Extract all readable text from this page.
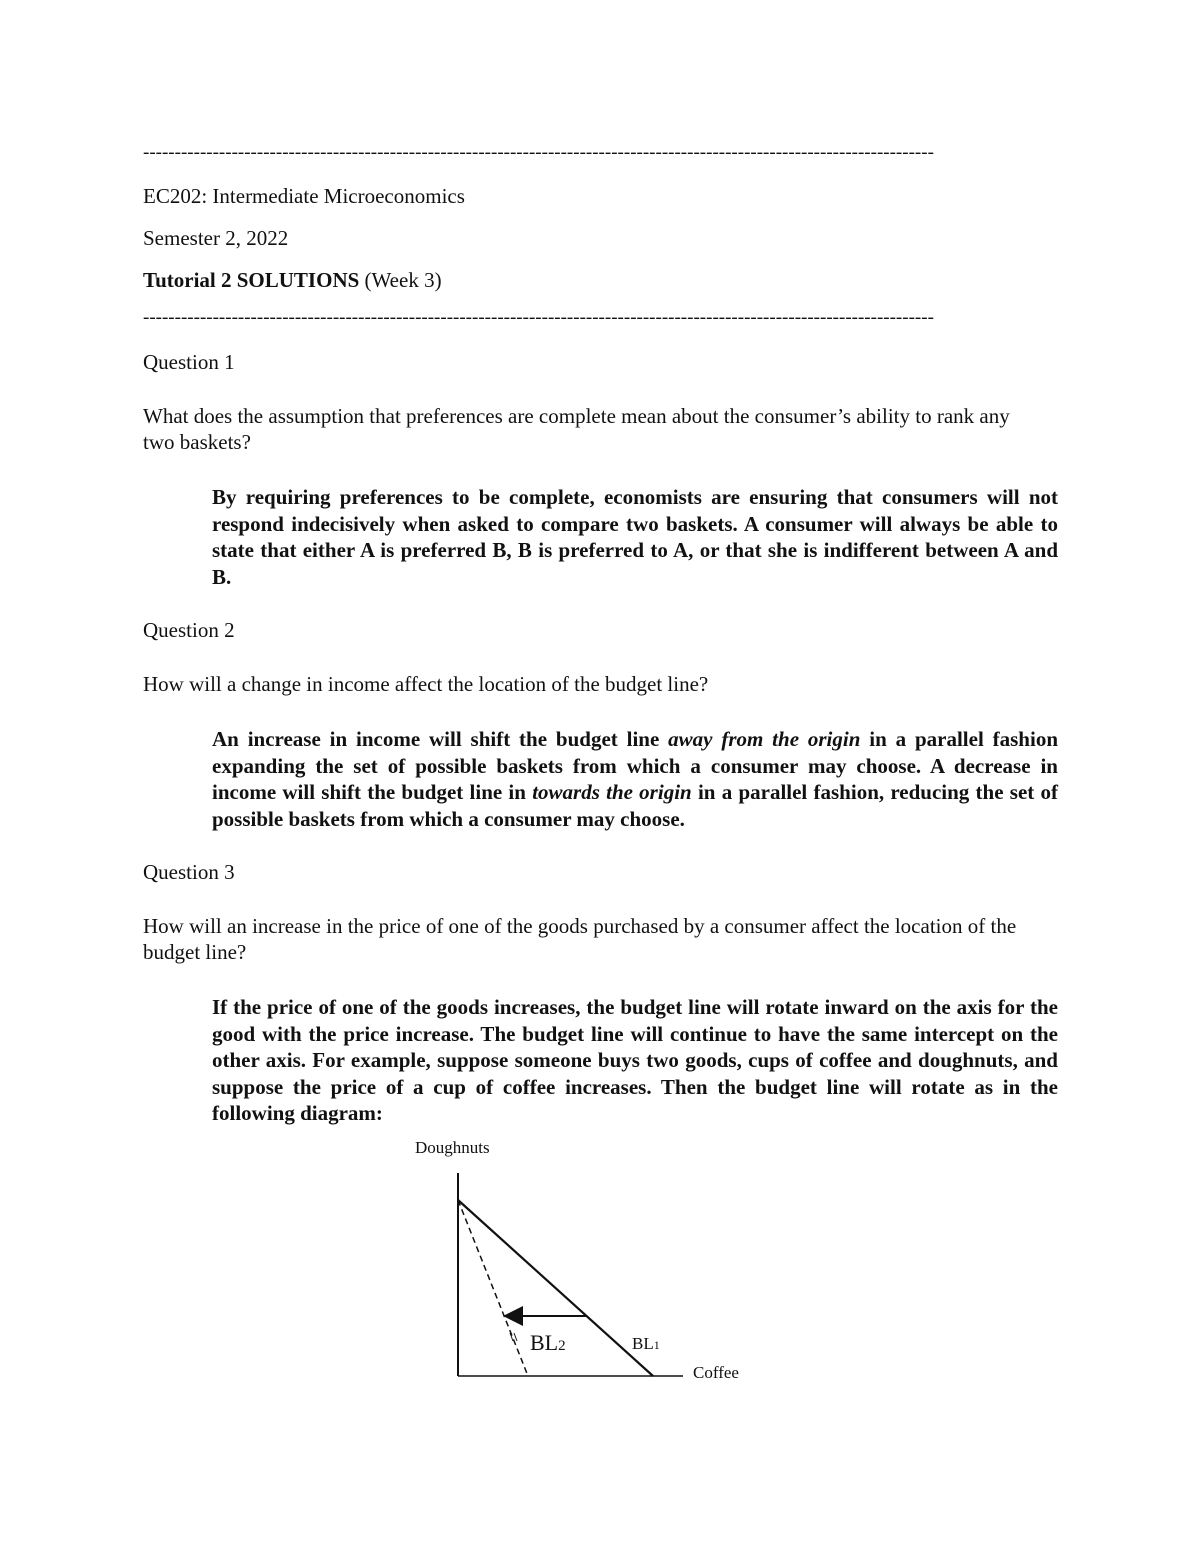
-----------------------------------------------------------------------------------------------------------------------------
EC202: Intermediate Microeconomics
Semester 2, 2022
Tutorial 2 SOLUTIONS (Week 3)
-----------------------------------------------------------------------------------------------------------------------------
Question 1
What does the assumption that preferences are complete mean about the consumer’s ability to rank any two baskets?
By requiring preferences to be complete, economists are ensuring that consumers will not respond indecisively when asked to compare two baskets. A consumer will always be able to state that either A is preferred B, B is preferred to A, or that she is indifferent between A and B.
Question 2
How will a change in income affect the location of the budget line?
An increase in income will shift the budget line away from the origin in a parallel fashion expanding the set of possible baskets from which a consumer may choose. A decrease in income will shift the budget line in towards the origin in a parallel fashion, reducing the set of possible baskets from which a consumer may choose.
Question 3
How will an increase in the price of one of the goods purchased by a consumer affect the location of the budget line?
If the price of one of the goods increases, the budget line will rotate inward on the axis for the good with the price increase. The budget line will continue to have the same intercept on the other axis. For example, suppose someone buys two goods, cups of coffee and doughnuts, and suppose the price of a cup of coffee increases. Then the budget line will rotate as in the following diagram:
Doughnuts
BL2	BL1
Coffee
